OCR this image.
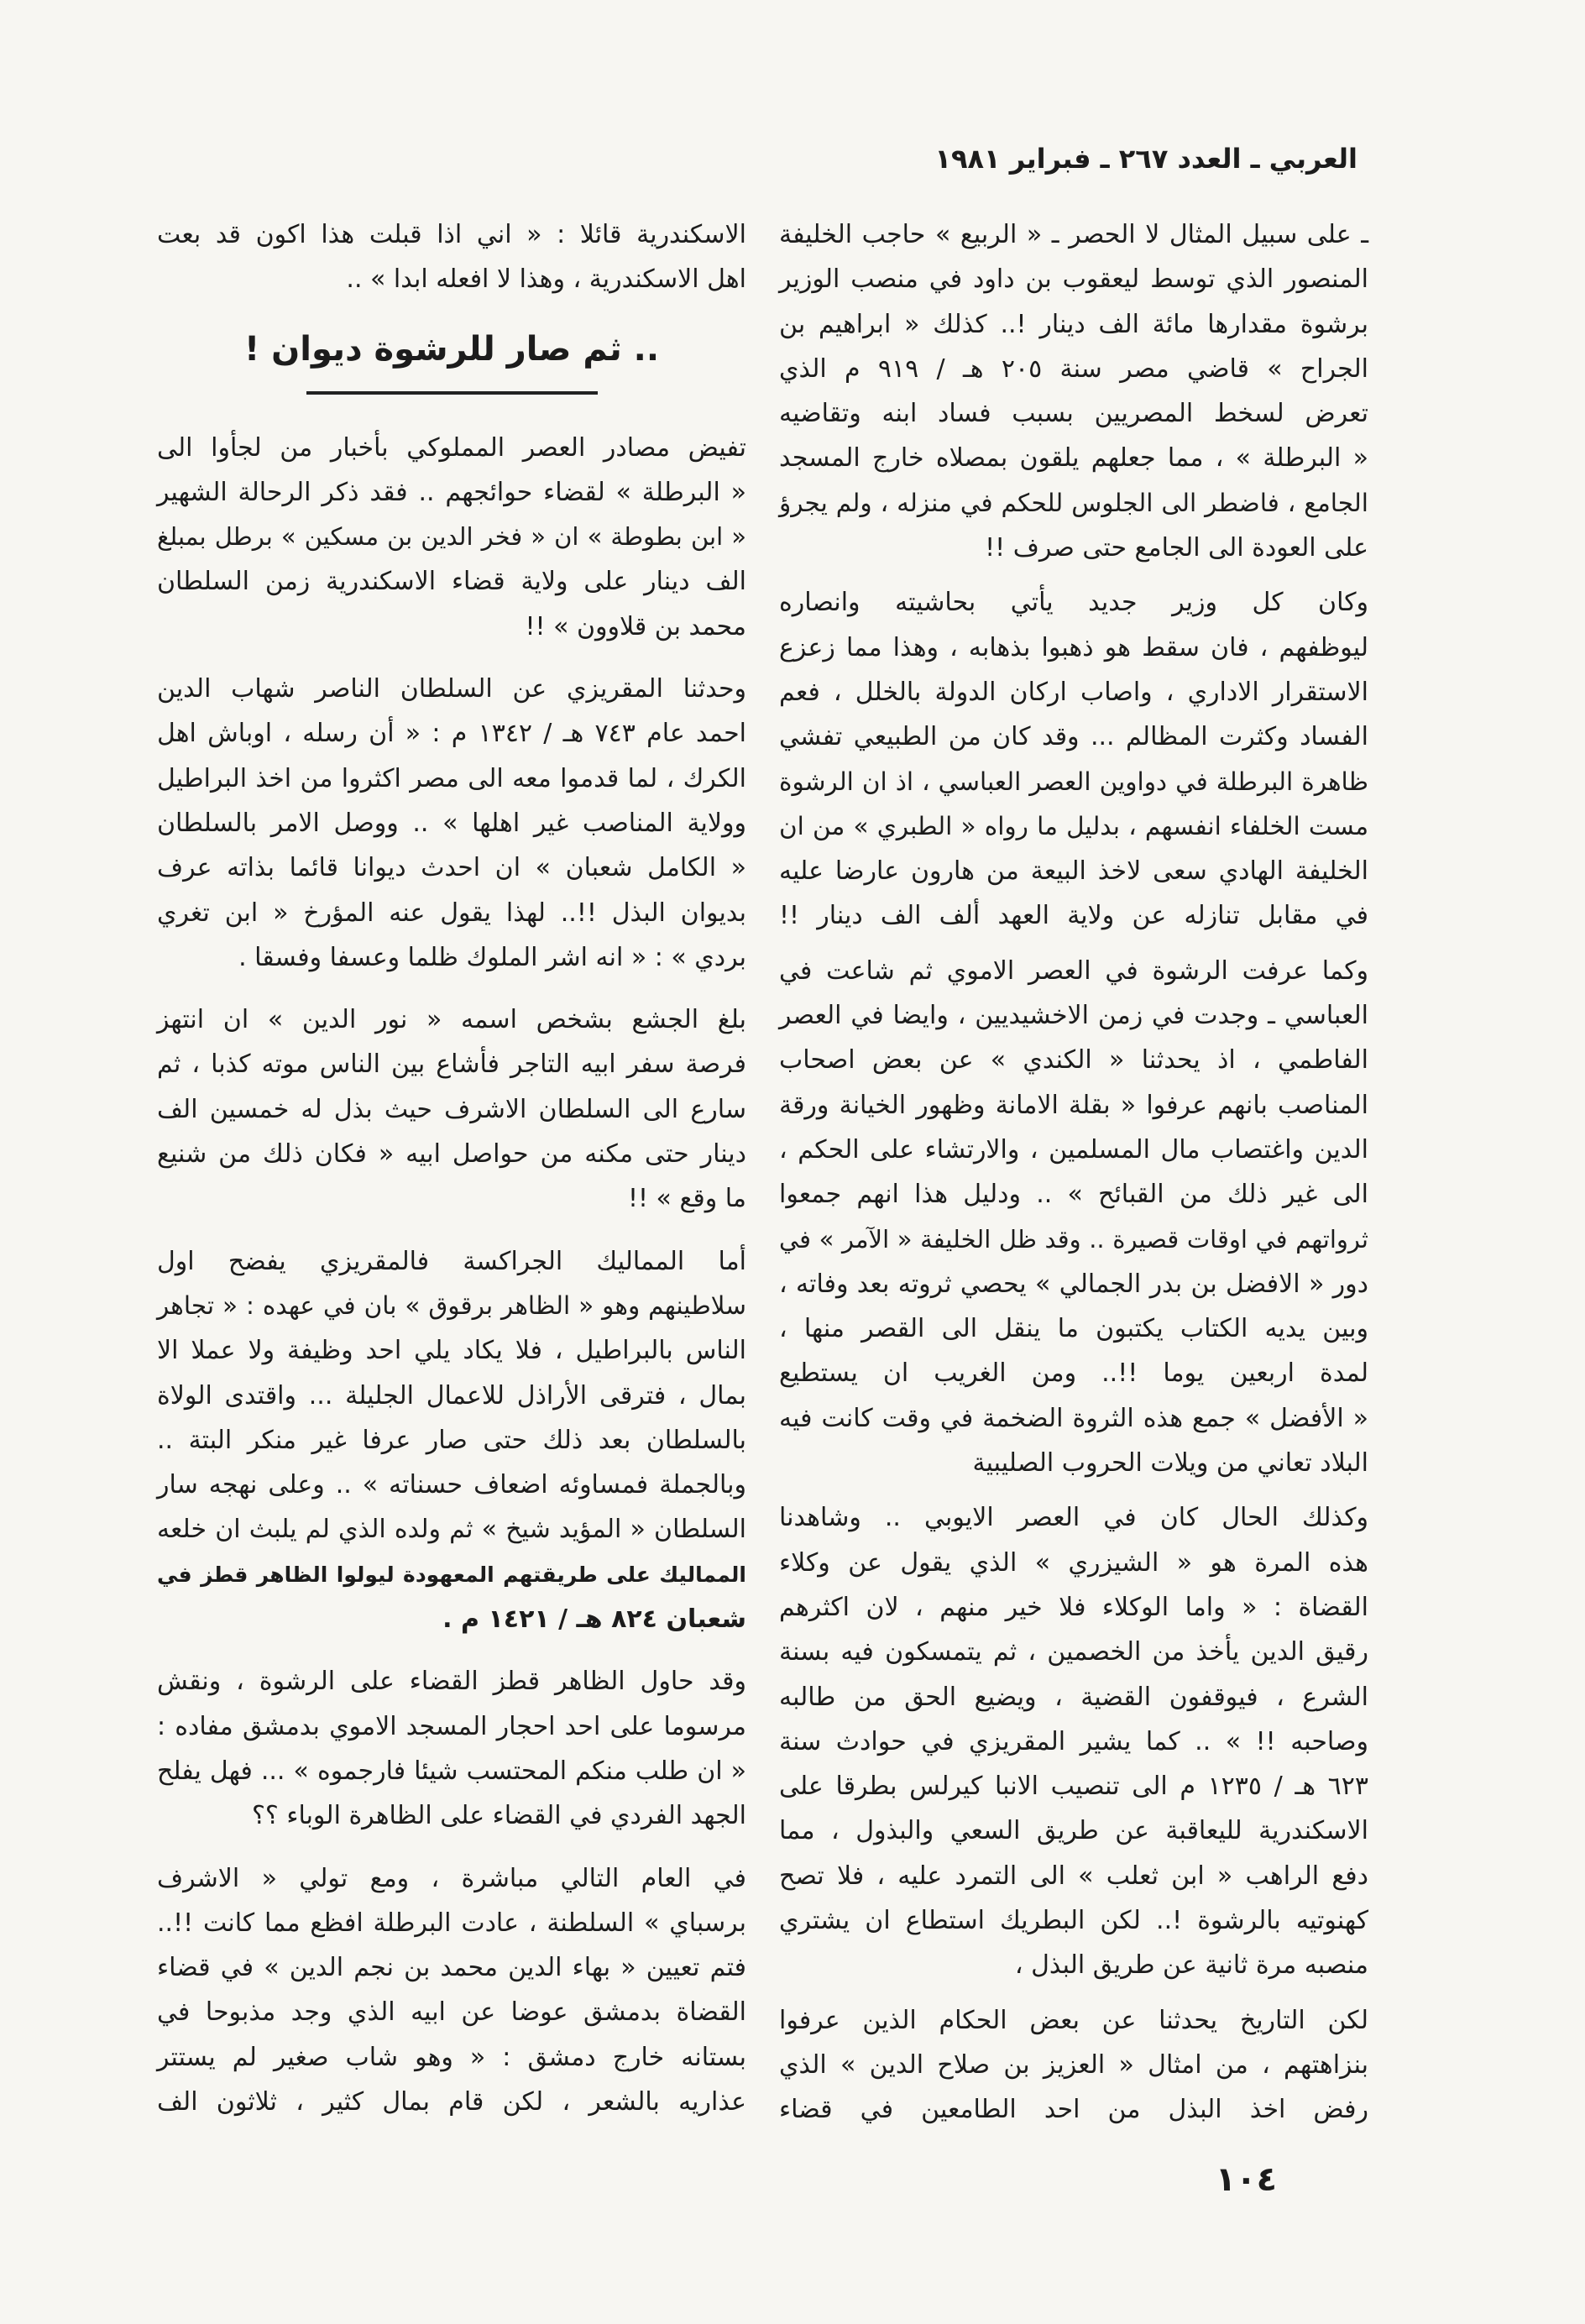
العربي ـ العدد ٢٦٧ ـ فبراير ١٩٨١
ـ على سبيل المثال لا الحصر ـ « الربيع » حاجب الخليفة
المنصور الذي توسط ليعقوب بن داود في منصب الوزير
برشوة مقدارها مائة الف دينار !.. كذلك « ابراهيم بن
الجراح » قاضي مصر سنة ٢٠٥ هـ / ٩١٩ م الذي
تعرض لسخط المصريين بسبب فساد ابنه وتقاضيه
« البرطلة » ، مما جعلهم يلقون بمصلاه خارج المسجد
الجامع ، فاضطر الى الجلوس للحكم في منزله ، ولم يجرؤ
على العودة الى الجامع حتى صرف !!
وكان كل وزير جديد يأتي بحاشيته وانصاره
ليوظفهم ، فان سقط هو ذهبوا بذهابه ، وهذا مما زعزع
الاستقرار الاداري ، واصاب اركان الدولة بالخلل ، فعم
الفساد وكثرت المظالم ... وقد كان من الطبيعي تفشي
ظاهرة البرطلة في دواوين العصر العباسي ، اذ ان الرشوة
مست الخلفاء انفسهم ، بدليل ما رواه « الطبري » من ان
الخليفة الهادي سعى لاخذ البيعة من هارون عارضا عليه
في مقابل تنازله عن ولاية العهد ألف الف دينار !!
وكما عرفت الرشوة في العصر الاموي ثم شاعت في
العباسي ـ وجدت في زمن الاخشيديين ، وايضا في العصر
الفاطمي ، اذ يحدثنا « الكندي » عن بعض اصحاب
المناصب بانهم عرفوا « بقلة الامانة وظهور الخيانة ورقة
الدين واغتصاب مال المسلمين ، والارتشاء على الحكم ،
الى غير ذلك من القبائح » .. ودليل هذا انهم جمعوا
ثرواتهم في اوقات قصيرة .. وقد ظل الخليفة « الآمر » في
دور « الافضل بن بدر الجمالي » يحصي ثروته بعد وفاته ،
وبين يديه الكتاب يكتبون ما ينقل الى القصر منها ،
لمدة اربعين يوما !!.. ومن الغريب ان يستطيع
« الأفضل » جمع هذه الثروة الضخمة في وقت كانت فيه
البلاد تعاني من ويلات الحروب الصليبية
وكذلك الحال كان في العصر الايوبي .. وشاهدنا
هذه المرة هو « الشيزري » الذي يقول عن وكلاء
القضاة : « واما الوكلاء فلا خير منهم ، لان اكثرهم
رقيق الدين يأخذ من الخصمين ، ثم يتمسكون فيه بسنة
الشرع ، فيوقفون القضية ، ويضيع الحق من طالبه
وصاحبه !! » .. كما يشير المقريزي في حوادث سنة
٦٢٣ هـ / ١٢٣٥ م الى تنصيب الانبا كيرلس بطرقا على
الاسكندرية لليعاقبة عن طريق السعي والبذول ، مما
دفع الراهب « ابن ثعلب » الى التمرد عليه ، فلا تصح
كهنوتيه بالرشوة !.. لكن البطريك استطاع ان يشتري
منصبه مرة ثانية عن طريق البذل ،
لكن التاريخ يحدثنا عن بعض الحكام الذين عرفوا
بنزاهتهم ، من امثال « العزيز بن صلاح الدين » الذي
رفض اخذ البذل من احد الطامعين في قضاء
الاسكندرية قائلا : « اني اذا قبلت هذا اكون قد بعت
اهل الاسكندرية ، وهذا لا افعله ابدا » ..
.. ثم صار للرشوة ديوان !
تفيض مصادر العصر المملوكي بأخبار من لجأوا الى
« البرطلة » لقضاء حوائجهم .. فقد ذكر الرحالة الشهير
« ابن بطوطة » ان « فخر الدين بن مسكين » برطل بمبلغ
الف دينار على ولاية قضاء الاسكندرية زمن السلطان
محمد بن قلاوون » !!
وحدثنا المقريزي عن السلطان الناصر شهاب الدين
احمد عام ٧٤٣ هـ / ١٣٤٢ م : « أن رسله ، اوباش اهل
الكرك ، لما قدموا معه الى مصر اكثروا من اخذ البراطيل
وولاية المناصب غير اهلها » .. ووصل الامر بالسلطان
« الكامل شعبان » ان احدث ديوانا قائما بذاته عرف
بديوان البذل !!.. لهذا يقول عنه المؤرخ « ابن تغري
بردي » : « انه اشر الملوك ظلما وعسفا وفسقا .
بلغ الجشع بشخص اسمه « نور الدين » ان انتهز
فرصة سفر ابيه التاجر فأشاع بين الناس موته كذبا ، ثم
سارع الى السلطان الاشرف حيث بذل له خمسين الف
دينار حتى مكنه من حواصل ابيه « فكان ذلك من شنيع
ما وقع » !!
أما المماليك الجراكسة فالمقريزي يفضح اول
سلاطينهم وهو « الظاهر برقوق » بان في عهده : « تجاهر
الناس بالبراطيل ، فلا يكاد يلي احد وظيفة ولا عملا الا
بمال ، فترقى الأراذل للاعمال الجليلة ... واقتدى الولاة
بالسلطان بعد ذلك حتى صار عرفا غير منكر البتة ..
وبالجملة فمساوئه اضعاف حسناته » .. وعلى نهجه سار
السلطان « المؤيد شيخ » ثم ولده الذي لم يلبث ان خلعه
المماليك على طريقتهم المعهودة ليولوا الظاهر قطز في
شعبان ٨٢٤ هـ / ١٤٢١ م .
وقد حاول الظاهر قطز القضاء على الرشوة ، ونقش
مرسوما على احد احجار المسجد الاموي بدمشق مفاده :
« ان طلب منكم المحتسب شيئا فارجموه » ... فهل يفلح
الجهد الفردي في القضاء على الظاهرة الوباء ؟؟
في العام التالي مباشرة ، ومع تولي « الاشرف
برسباي » السلطنة ، عادت البرطلة افظع مما كانت !!..
فتم تعيين « بهاء الدين محمد بن نجم الدين » في قضاء
القضاة بدمشق عوضا عن ابيه الذي وجد مذبوحا في
بستانه خارج دمشق : « وهو شاب صغير لم يستتر
عذاريه بالشعر ، لكن قام بمال كثير ، ثلاثون الف
١٠٤
